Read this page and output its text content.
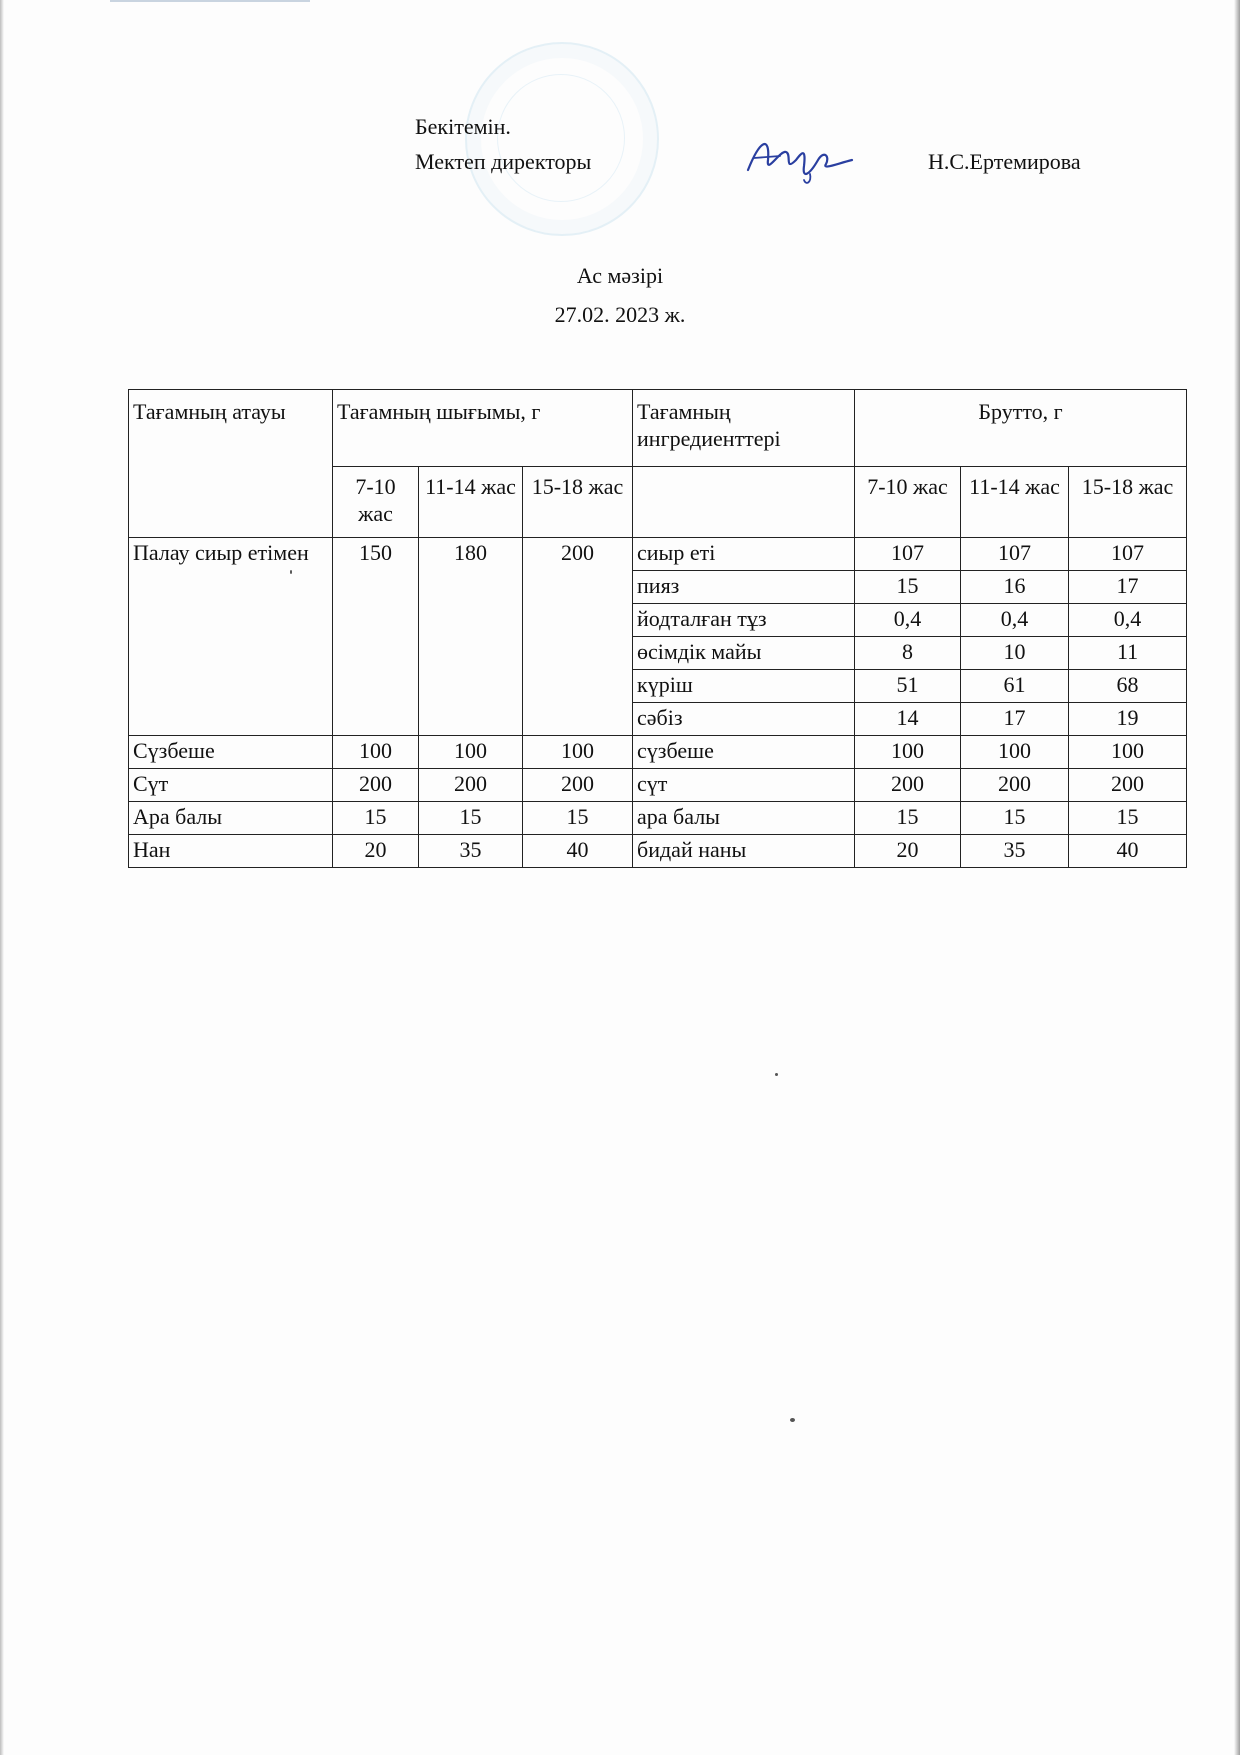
Бекітемін.
Мектеп директоры	Н.С.Ертемирова
Ас мәзірі
27.02. 2023 ж.
Тағамның атауы	Тағамның шығымы, г			Тағамның ингредиенттері	Брутто, г		
	7-10 жас	11-14 жас	15-18 жас		7-10 жас	11-14 жас	15-18 жас
Палау сиыр етімен	150	180	200	сиыр еті	107	107	107
				пияз	15	16	17
				йодталған тұз	0,4	0,4	0,4
				өсімдік майы	8	10	11
				күріш	51	61	68
				сәбіз	14	17	19
Сүзбеше	100	100	100	сүзбеше	100	100	100
Сүт	200	200	200	сүт	200	200	200
Ара балы	15	15	15	ара балы	15	15	15
Нан	20	35	40	бидай наны	20	35	40
